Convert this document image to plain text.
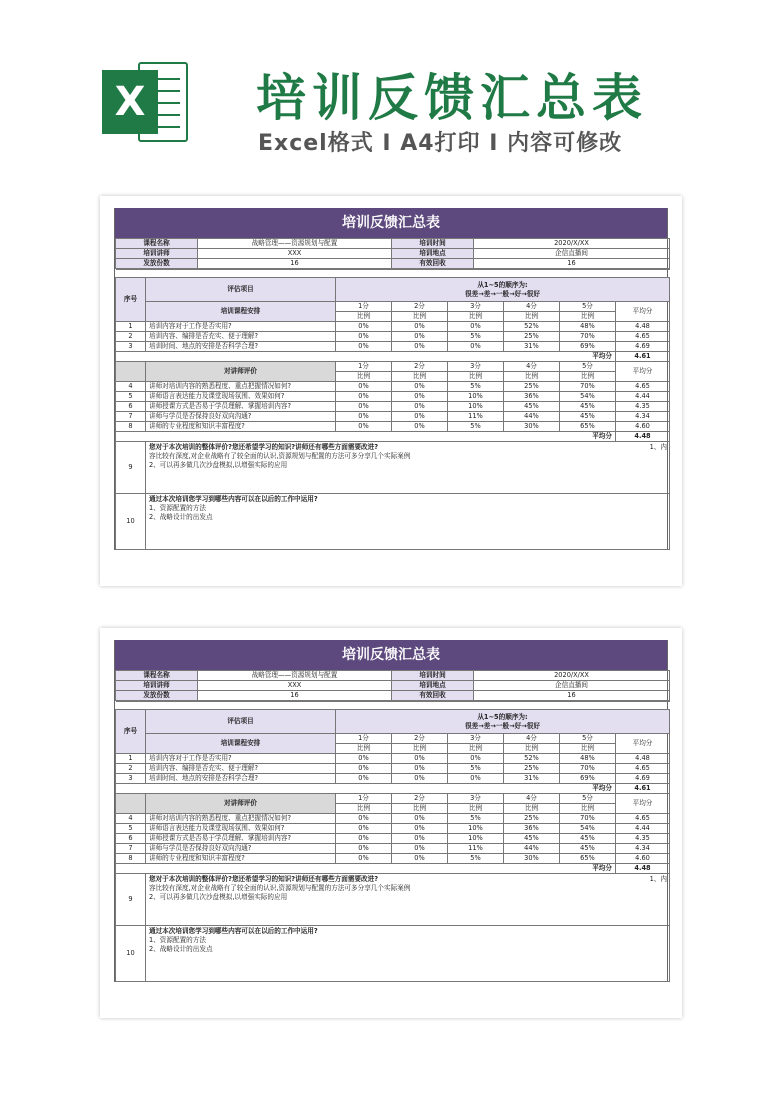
X 培训反馈汇总表
Excel格式 I A4打印 I 内容可修改
培训反馈汇总表
课程名称	战略管理——资源规划与配置	培训时间	2020/X/XX
培训讲师	XXX	培训地点	企信直播间
发放份数	16	有效回收	16

序号	评估项目	从1~5的顺序为:
很差→差→一般→好→很好					

	培训课程安排	1分	2分	3分	4分	5分	平均分
		比例	比例	比例	比例	比例	
1	培训内容对于工作是否实用?	0%	0%	0%	52%	48%	4.48
2	培训内容、编排是否充实、便于理解?	0%	0%	5%	25%	70%	4.65
3	培训时间、地点的安排是否科学合理?	0%	0%	0%	31%	69%	4.69
平均分							4.61
	对讲师评价	1分	2分	3分	4分	5分	平均分
		比例	比例	比例	比例	比例	
4	讲师对培训内容的熟悉程度、重点把握情况如何?	0%	0%	5%	25%	70%	4.65
5	讲师语言表达能力及课堂现场氛围、效果如何?	0%	0%	10%	36%	54%	4.44
6	讲师授课方式是否易于学员理解、掌握培训内容?	0%	0%	10%	45%	45%	4.35
7	讲师与学员是否保持良好双向沟通?	0%	0%	11%	44%	45%	4.34
8	讲师的专业程度和知识丰富程度?	0%	0%	5%	30%	65%	4.60
平均分							4.48
9	1、内
您对于本次培训的整体评价?您还希望学习的知识?讲师还有哪些方面需要改进?
容比较有深度,对企业战略有了较全面的认识,资源规划与配置的方法可多分享几个实际案例
2、可以再多做几次沙盘模拟,以增强实际的应用						

10	通过本次培训您学习到哪些内容可以在以后的工作中运用?
1、资源配置的方法
2、战略设计的出发点						
培训反馈汇总表
课程名称	战略管理——资源规划与配置	培训时间	2020/X/XX
培训讲师	XXX	培训地点	企信直播间
发放份数	16	有效回收	16

序号	评估项目	从1~5的顺序为:
很差→差→一般→好→很好					

	培训课程安排	1分	2分	3分	4分	5分	平均分
		比例	比例	比例	比例	比例	
1	培训内容对于工作是否实用?	0%	0%	0%	52%	48%	4.48
2	培训内容、编排是否充实、便于理解?	0%	0%	5%	25%	70%	4.65
3	培训时间、地点的安排是否科学合理?	0%	0%	0%	31%	69%	4.69
平均分							4.61
	对讲师评价	1分	2分	3分	4分	5分	平均分
		比例	比例	比例	比例	比例	
4	讲师对培训内容的熟悉程度、重点把握情况如何?	0%	0%	5%	25%	70%	4.65
5	讲师语言表达能力及课堂现场氛围、效果如何?	0%	0%	10%	36%	54%	4.44
6	讲师授课方式是否易于学员理解、掌握培训内容?	0%	0%	10%	45%	45%	4.35
7	讲师与学员是否保持良好双向沟通?	0%	0%	11%	44%	45%	4.34
8	讲师的专业程度和知识丰富程度?	0%	0%	5%	30%	65%	4.60
平均分							4.48
9	1、内
您对于本次培训的整体评价?您还希望学习的知识?讲师还有哪些方面需要改进?
容比较有深度,对企业战略有了较全面的认识,资源规划与配置的方法可多分享几个实际案例
2、可以再多做几次沙盘模拟,以增强实际的应用						

10	通过本次培训您学习到哪些内容可以在以后的工作中运用?
1、资源配置的方法
2、战略设计的出发点						
